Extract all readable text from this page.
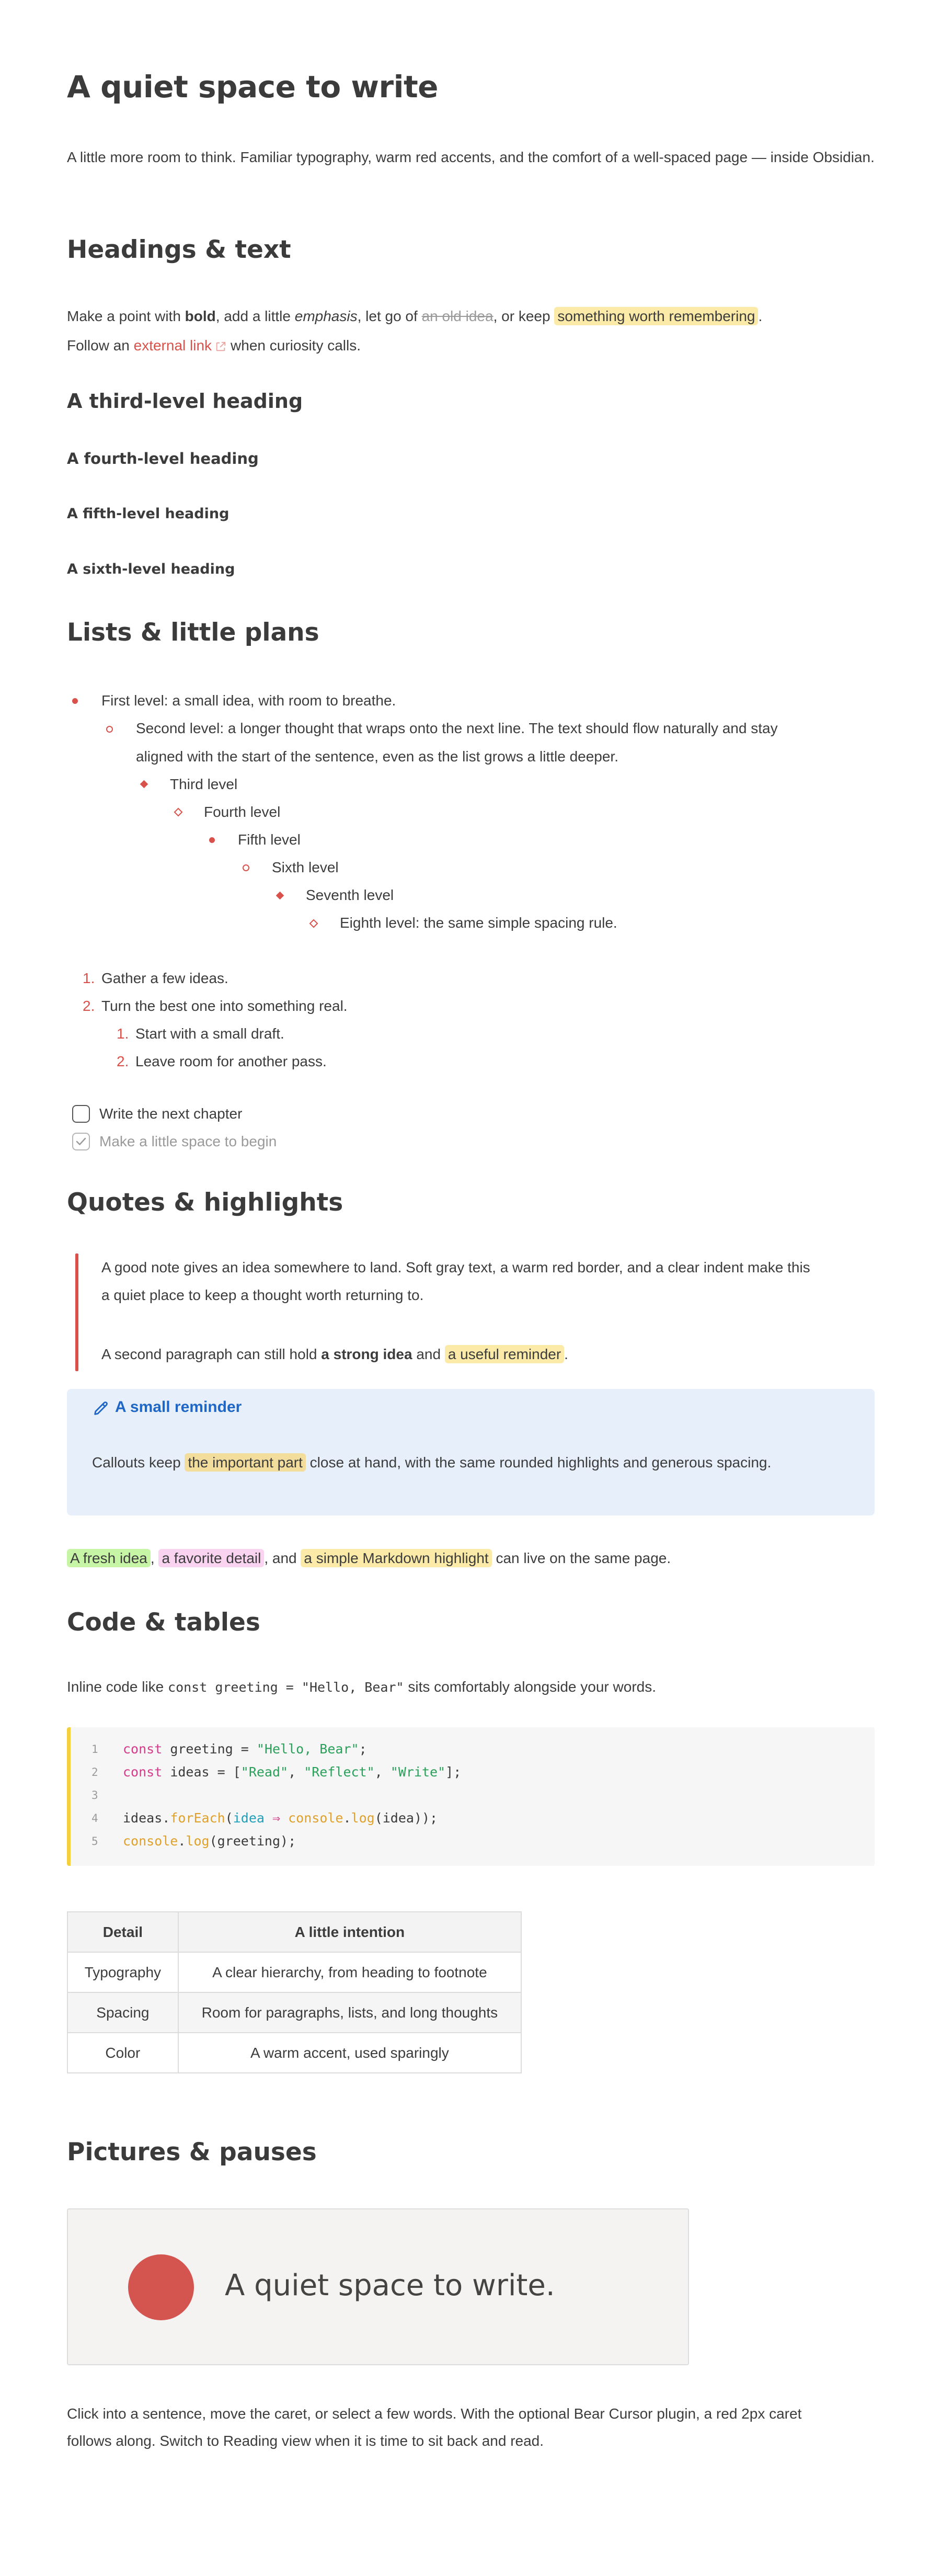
A quiet space to write

A little more room to think. Familiar typography, warm red accents, and the comfort of a well-spaced page — inside Obsidian.

Headings & text

Make a point with bold, add a little emphasis, let go of an old idea, or keep something worth remembering .
Follow an external link when curiosity calls.

A third-level heading
A fourth-level heading
A fifth-level heading
A sixth-level heading
Lists & little plans
First level: a small idea, with room to breathe.
Second level: a longer thought that wraps onto the next line. The text should flow naturally and stay
aligned with the start of the sentence, even as the list grows a little deeper.
Third level
Fourth level
Fifth level
Sixth level
Seventh level
Eighth level: the same simple spacing rule.
1. Gather a few ideas.
2. Turn the best one into something real.
1. Start with a small draft.
2. Leave room for another pass.
Write the next chapter
Make a little space to begin
Quotes & highlights
A good note gives an idea somewhere to land. Soft gray text, a warm red border, and a clear indent make this
a quiet place to keep a thought worth returning to.
A second paragraph can still hold a strong idea and a useful reminder .
A small reminder
Callouts keep the important part close at hand, with the same rounded highlights and generous spacing.

A fresh idea , a favorite detail , and a simple Markdown highlight can live on the same page.

Code & tables

Inline code like const greeting = "Hello, Bear" sits comfortably alongside your words.

1
2
3
4
5
const greeting = "Hello, Bear";
const ideas = ["Read", "Reflect", "Write"];
ideas.forEach(idea ⇒ console.log(idea));
console.log(greeting);
Detail	A little intention
Typography	A clear hierarchy, from heading to footnote
Spacing	Room for paragraphs, lists, and long thoughts
Color	A warm accent, used sparingly
Pictures & pauses
A quiet space to write.

Click into a sentence, move the caret, or select a few words. With the optional Bear Cursor plugin, a red 2px caret
follows along. Switch to Reading view when it is time to sit back and read.
